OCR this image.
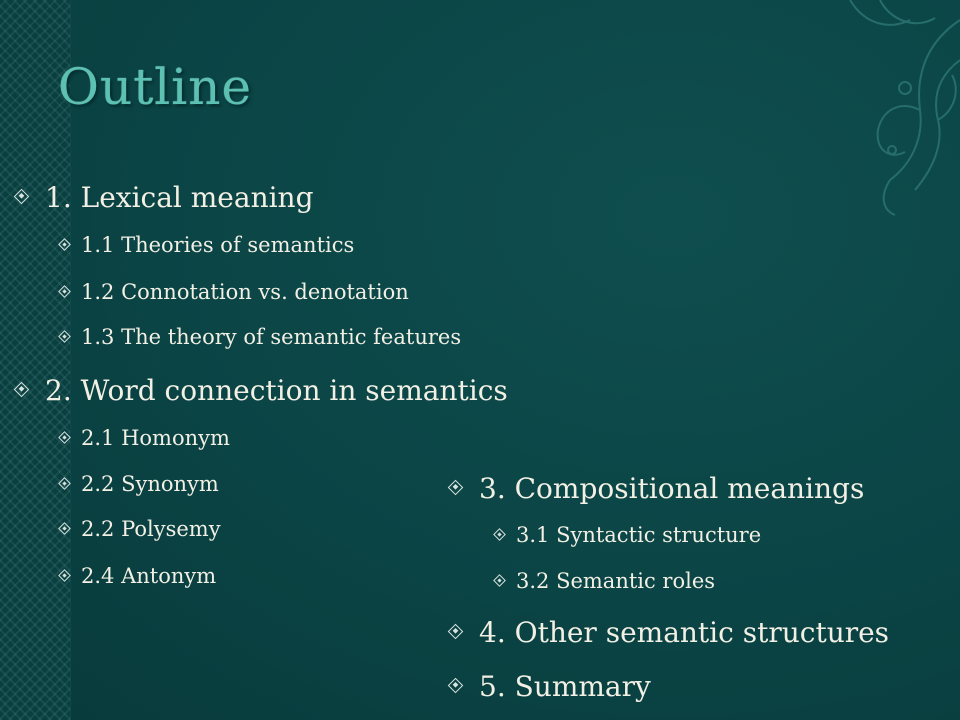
Outline
1. Lexical meaning
1.1 Theories of semantics
1.2 Connotation vs. denotation
1.3 The theory of semantic features
2. Word connection in semantics
2.1 Homonym
2.2 Synonym
2.2 Polysemy
2.4 Antonym
3. Compositional meanings
3.1 Syntactic structure
3.2 Semantic roles
4. Other semantic structures
5. Summary
